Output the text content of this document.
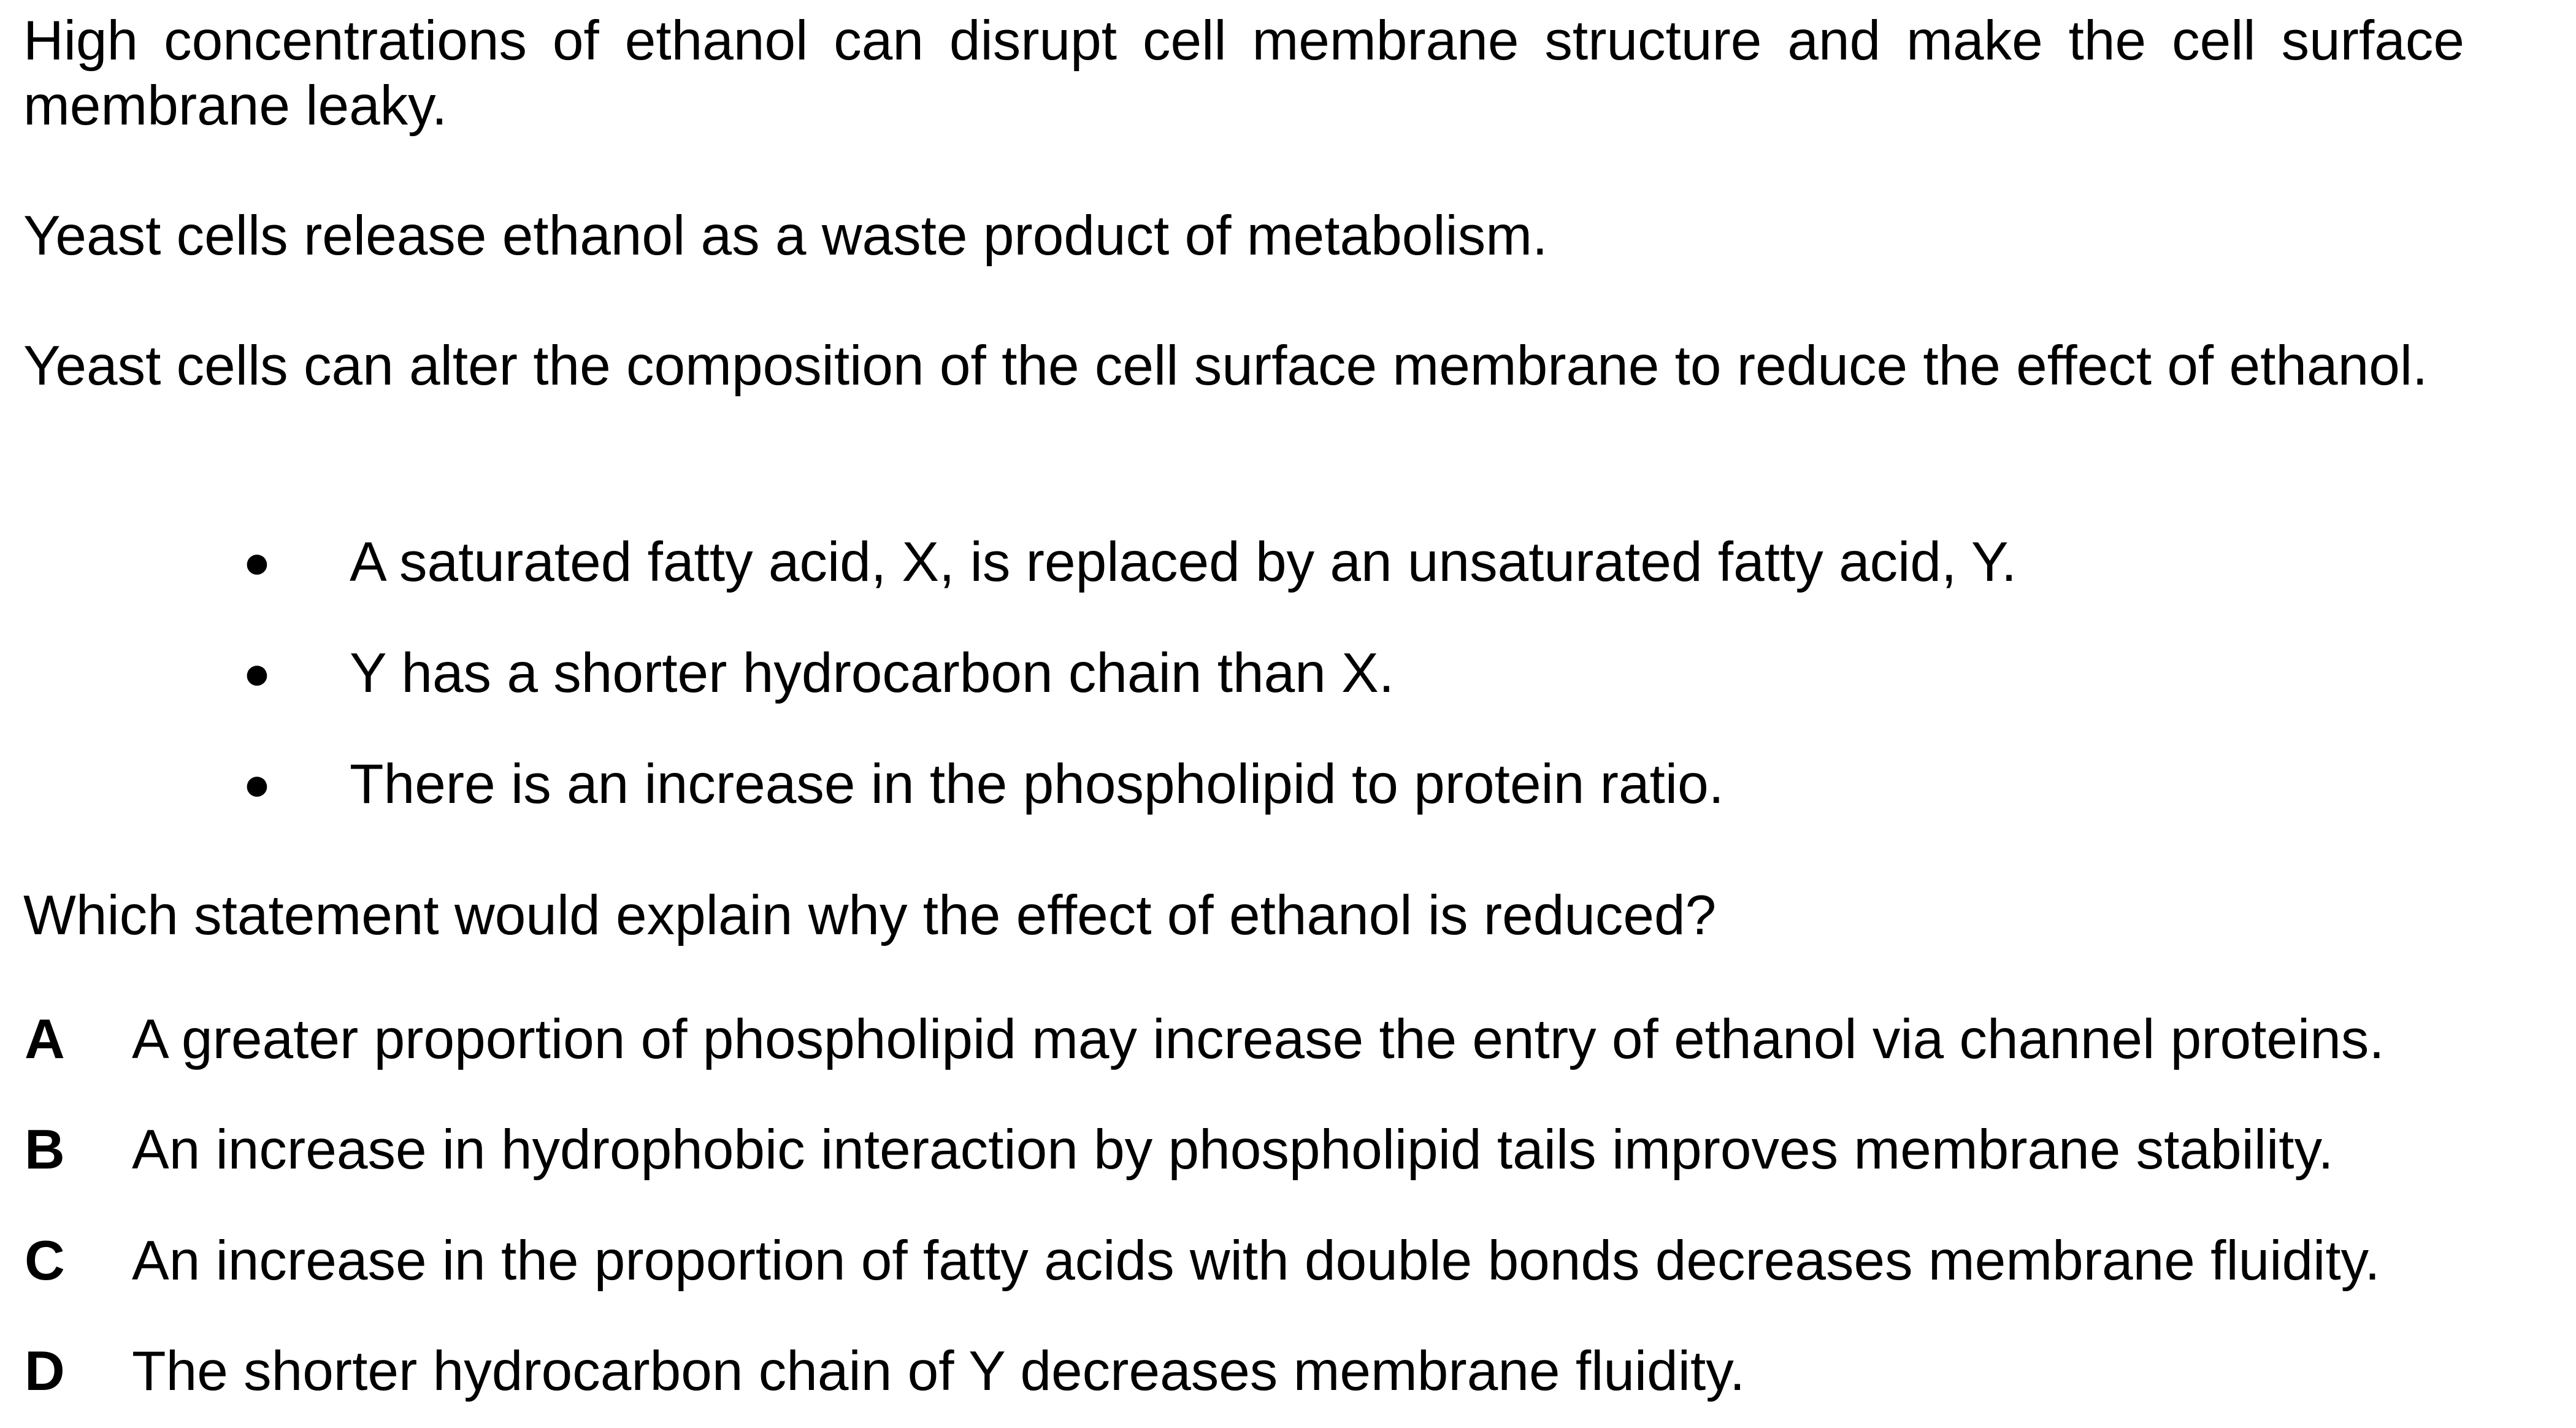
High concentrations of ethanol can disrupt cell membrane structure and make the cell surface membrane leaky.

Yeast cells release ethanol as a waste product of metabolism.

Yeast cells can alter the composition of the cell surface membrane to reduce the effect of ethanol.

● A saturated fatty acid, X, is replaced by an unsaturated fatty acid, Y.
● Y has a shorter hydrocarbon chain than X.
● There is an increase in the phospholipid to protein ratio.

Which statement would explain why the effect of ethanol is reduced?

A A greater proportion of phospholipid may increase the entry of ethanol via channel proteins.
B An increase in hydrophobic interaction by phospholipid tails improves membrane stability.
C An increase in the proportion of fatty acids with double bonds decreases membrane fluidity.
D The shorter hydrocarbon chain of Y decreases membrane fluidity.
